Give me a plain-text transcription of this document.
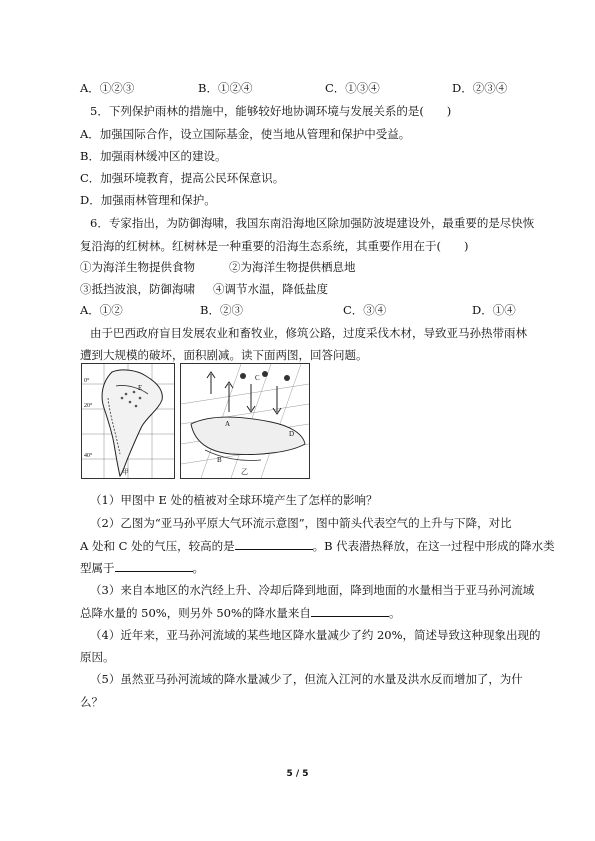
A．①②③	B．①②④	C．①③④	D．②③④
5．下列保护雨林的措施中，能够较好地协调环境与发展关系的是(　　)
A．加强国际合作，设立国际基金，使当地从管理和保护中受益。
B．加强雨林缓冲区的建设。
C．加强环境教育，提高公民环保意识。
D．加强雨林管理和保护。
6．专家指出，为防御海啸，我国东南沿海地区除加强防波堤建设外，最重要的是尽快恢
复沿海的红树林。红树林是一种重要的沿海生态系统，其重要作用在于(　　)
①为海洋生物提供食物	②为海洋生物提供栖息地
③抵挡波浪，防御海啸 ④调节水温，降低盐度
A．①②	B．②③	C．③④	D．①④
由于巴西政府盲目发展农业和畜牧业，修筑公路，过度采伐木材，导致亚马孙热带雨林
遭到大规模的破坏，面积剧减。读下面两图，回答问题。
E
0°
20°
40°
甲
C
A
B
D
乙
（1）甲图中 E 处的植被对全球环境产生了怎样的影响？
（2）乙图为“亚马孙平原大气环流示意图”，图中箭头代表空气的上升与下降，对比
A 处和 C 处的气压，较高的是	。B 代表潜热释放，在这一过程中形成的降水类
型属于	。
（3）来自本地区的水汽经上升、冷却后降到地面，降到地面的水量相当于亚马孙河流域
总降水量的 50%，则另外 50%的降水量来自	。
（4）近年来，亚马孙河流域的某些地区降水量减少了约 20%，简述导致这种现象出现的
原因。
（5）虽然亚马孙河流域的降水量减少了，但流入江河的水量及洪水反而增加了，为什
么？
5 / 5
